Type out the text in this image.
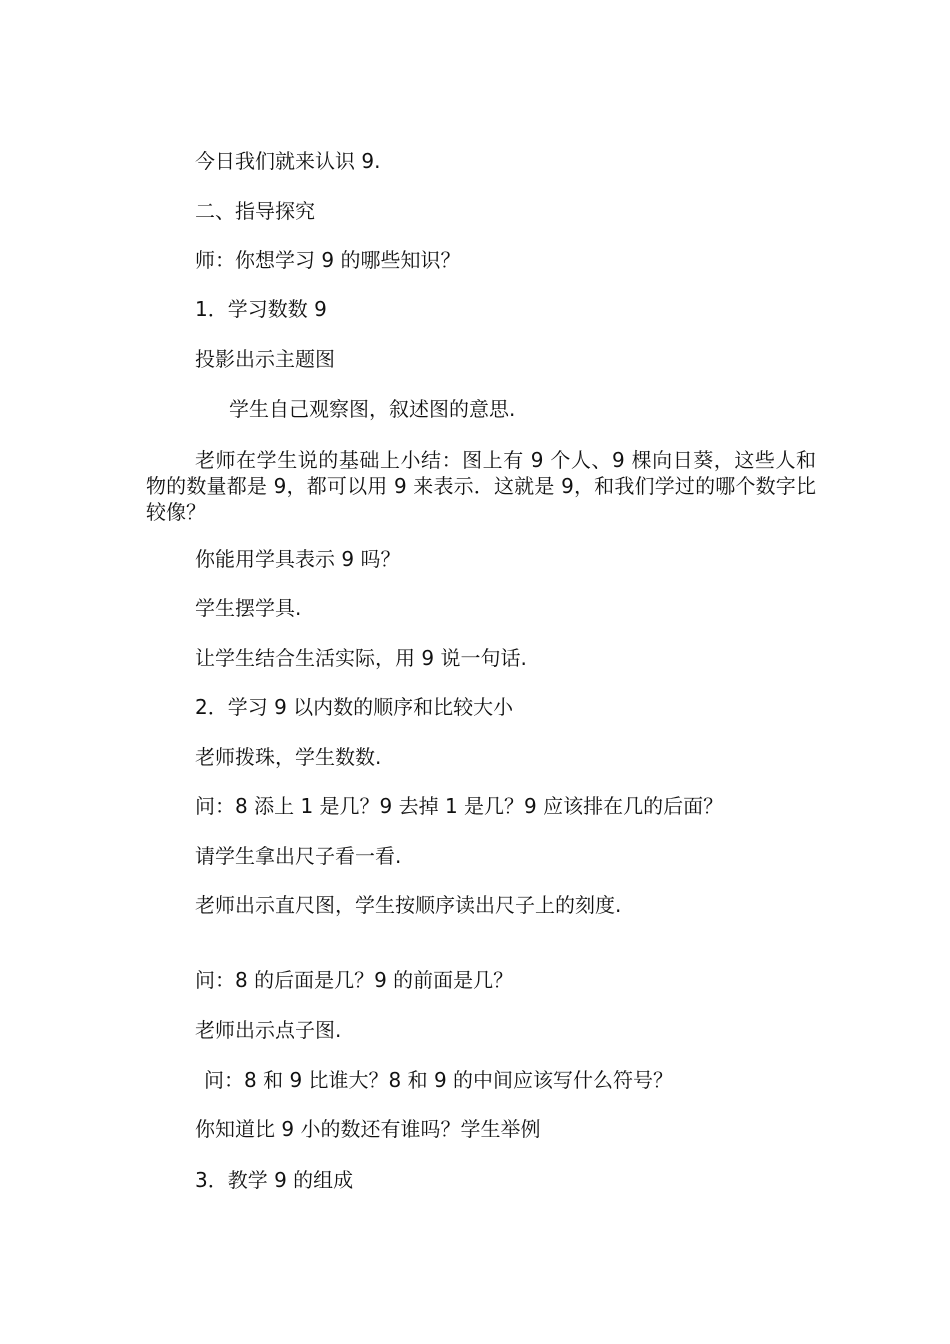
今日我们就来认识 9.

二、指导探究

师：你想学习 9 的哪些知识？

1．学习数数 9

投影出示主题图

学生自己观察图，叙述图的意思.

老师在学生说的基础上小结：图上有 9 个人、9 棵向日葵，这些人和物的数量都是 9，都可以用 9 来表示．这就是 9，和我们学过的哪个数字比较像？

你能用学具表示 9 吗？

学生摆学具.

让学生结合生活实际，用 9 说一句话.

2．学习 9 以内数的顺序和比较大小

老师拨珠，学生数数.

问：8 添上 1 是几？9 去掉 1 是几？9 应该排在几的后面？

请学生拿出尺子看一看.

老师出示直尺图，学生按顺序读出尺子上的刻度.

问：8 的后面是几？9 的前面是几？

老师出示点子图.

问：8 和 9 比谁大？8 和 9 的中间应该写什么符号？

你知道比 9 小的数还有谁吗？学生举例

3．教学 9 的组成
